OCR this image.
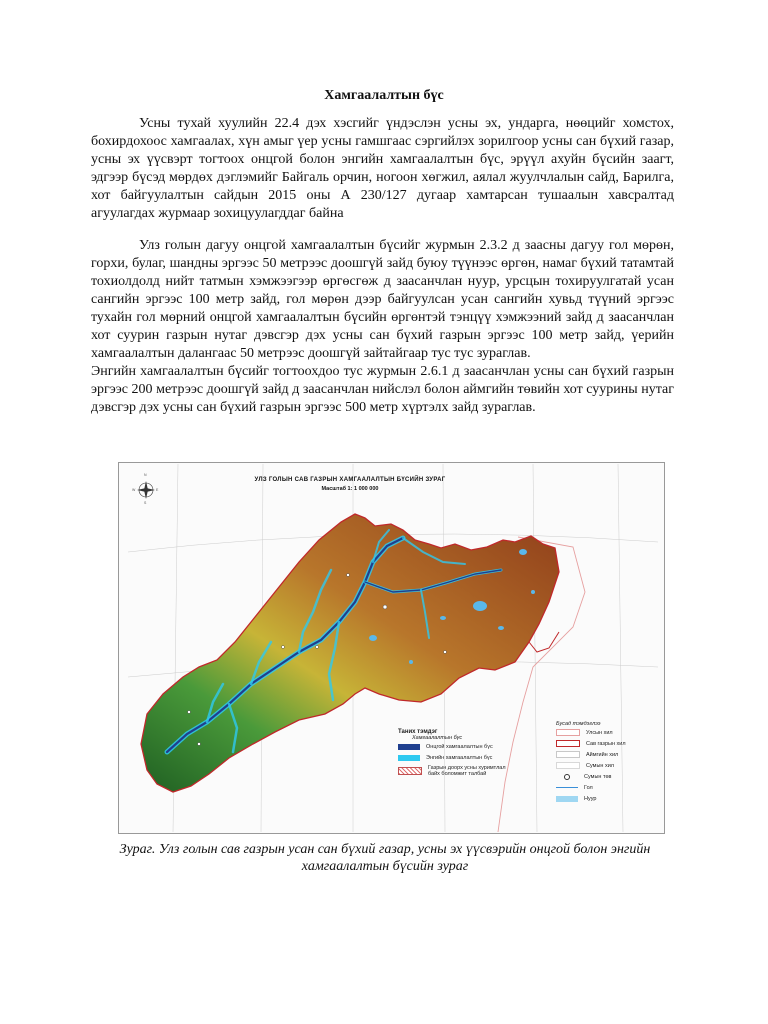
Хамгаалалтын бүс

Усны тухай хуулийн 22.4 дэх хэсгийг үндэслэн усны эх, ундарга, нөөцийг хомстох, бохирдохоос хамгаалах, хүн амыг үер усны гамшгаас сэргийлэх зорилгоор усны сан бүхий газар, усны эх үүсвэрт тогтоох онцгой болон энгийн хамгаалалтын бүс, эрүүл ахуйн бүсийн заагт, эдгээр бүсэд мөрдөх дэглэмийг Байгаль орчин, ногоон хөгжил, аялал жуулчлалын сайд, Барилга, хот байгуулалтын сайдын 2015 оны А 230/127 дугаар хамтарсан тушаалын хавсралтад агуулагдах журмаар зохицуулагддаг байна

Улз голын дагуу онцгой хамгаалалтын бүсийг журмын 2.3.2 д заасны дагуу гол мөрөн, горхи, булаг, шандны эргээс 50 метрээс доошгүй зайд буюу түүнээс өргөн, намаг бүхий татамтай тохиолдолд нийт татмын хэмжээгээр өргөсгөж д заасанчлан нуур, урсцын тохируулгатай усан сангийн эргээс 100 метр зайд, гол мөрөн дээр байгуулсан усан сангийн хувьд түүний эргээс тухайн гол мөрний онцгой хамгаалалтын бүсийн өргөнтэй тэнцүү хэмжээний зайд д заасанчлан хот суурин газрын нутаг дэвсгэр дэх усны сан бүхий газрын эргээс 100 метр зайд, үерийн хамгаалалтын далангаас 50 метрээс доошгүй зайтайгаар тус тус зураглав.

Энгийн хамгаалалтын бүсийг тогтоохдоо тус журмын 2.6.1 д заасанчлан усны сан бүхий газрын эргээс 200 метрээс доошгүй зайд д заасанчлан нийслэл болон аймгийн төвийн хот суурины нутаг дэвсгэр дэх усны сан бүхий газрын эргээс 500 метр хүртэлх зайд зураглав.

N
S
E
W
УЛЗ ГОЛЫН САВ ГАЗРЫН ХАМГААЛАЛТЫН БҮСИЙН ЗУРАГ
Масштаб 1: 1 000 000
Таних тэмдэг
Хамгаалалтын бүс
Онцгой хамгаалалтын бүс
Энгийн хамгаалалтын бүс
Газрын доорх усны хуримтлал байх боломжит талбай
Бусад тэмдэглээ
Улсын хил
Сав газрын хил
Аймгийн хил
Сумын хил
Сумын төв
Гол
Нуур
Зураг. Улз голын сав газрын усан сан бүхий газар, усны эх үүсвэрийн онцгой болон энгийн хамгаалалтын бүсийн зураг
